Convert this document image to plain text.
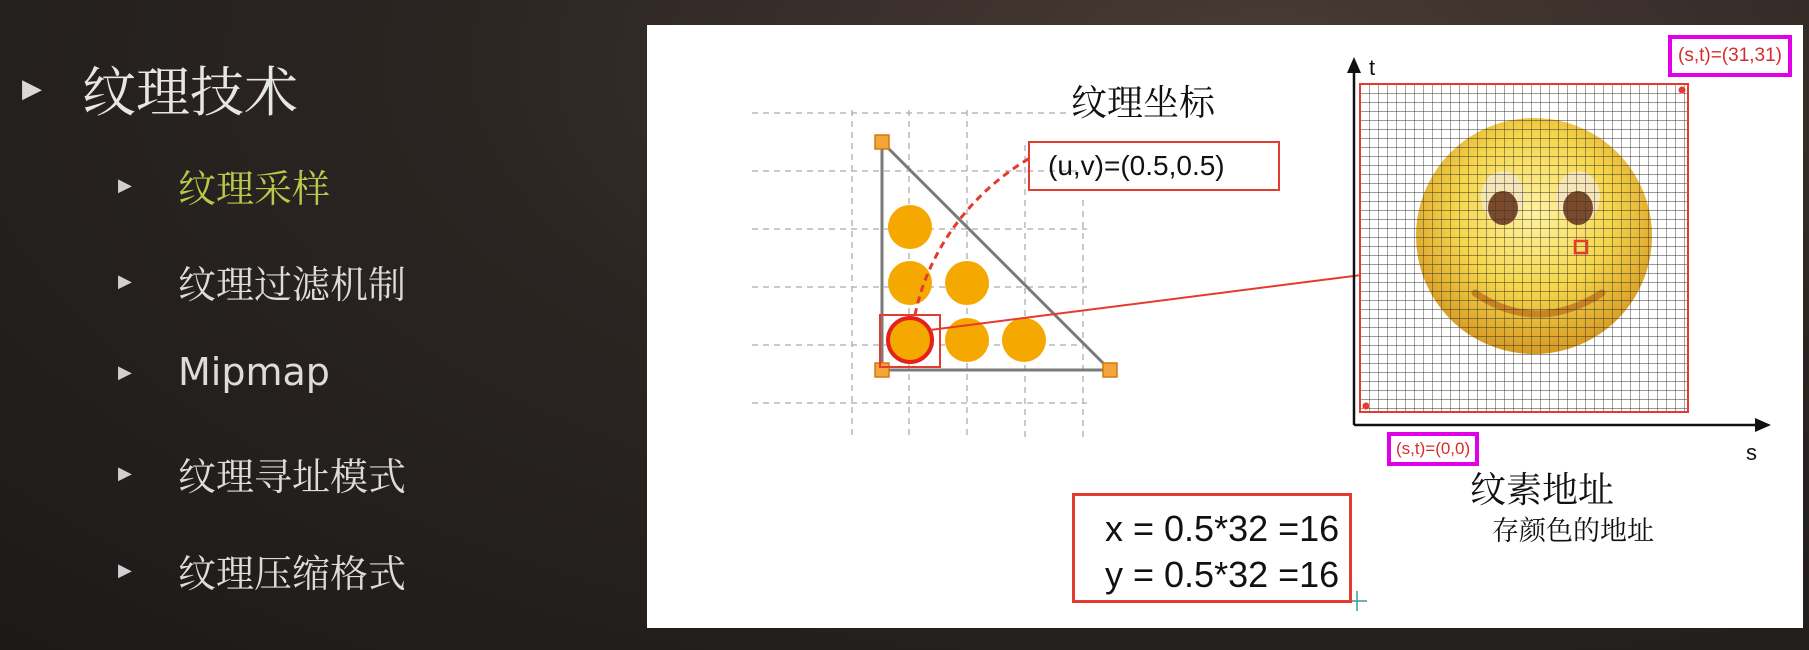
▶ 纹理技术
▶	纹理采样
▶	纹理过滤机制
▶	Mipmap
▶	纹理寻址模式
▶	纹理压缩格式
纹理坐标
(u,v)=(0.5,0.5)
t
s
(s,t)=(31,31)
(s,t)=(0,0)
纹素地址
存颜色的地址
x = 0.5*32 =16
y = 0.5*32 =16
